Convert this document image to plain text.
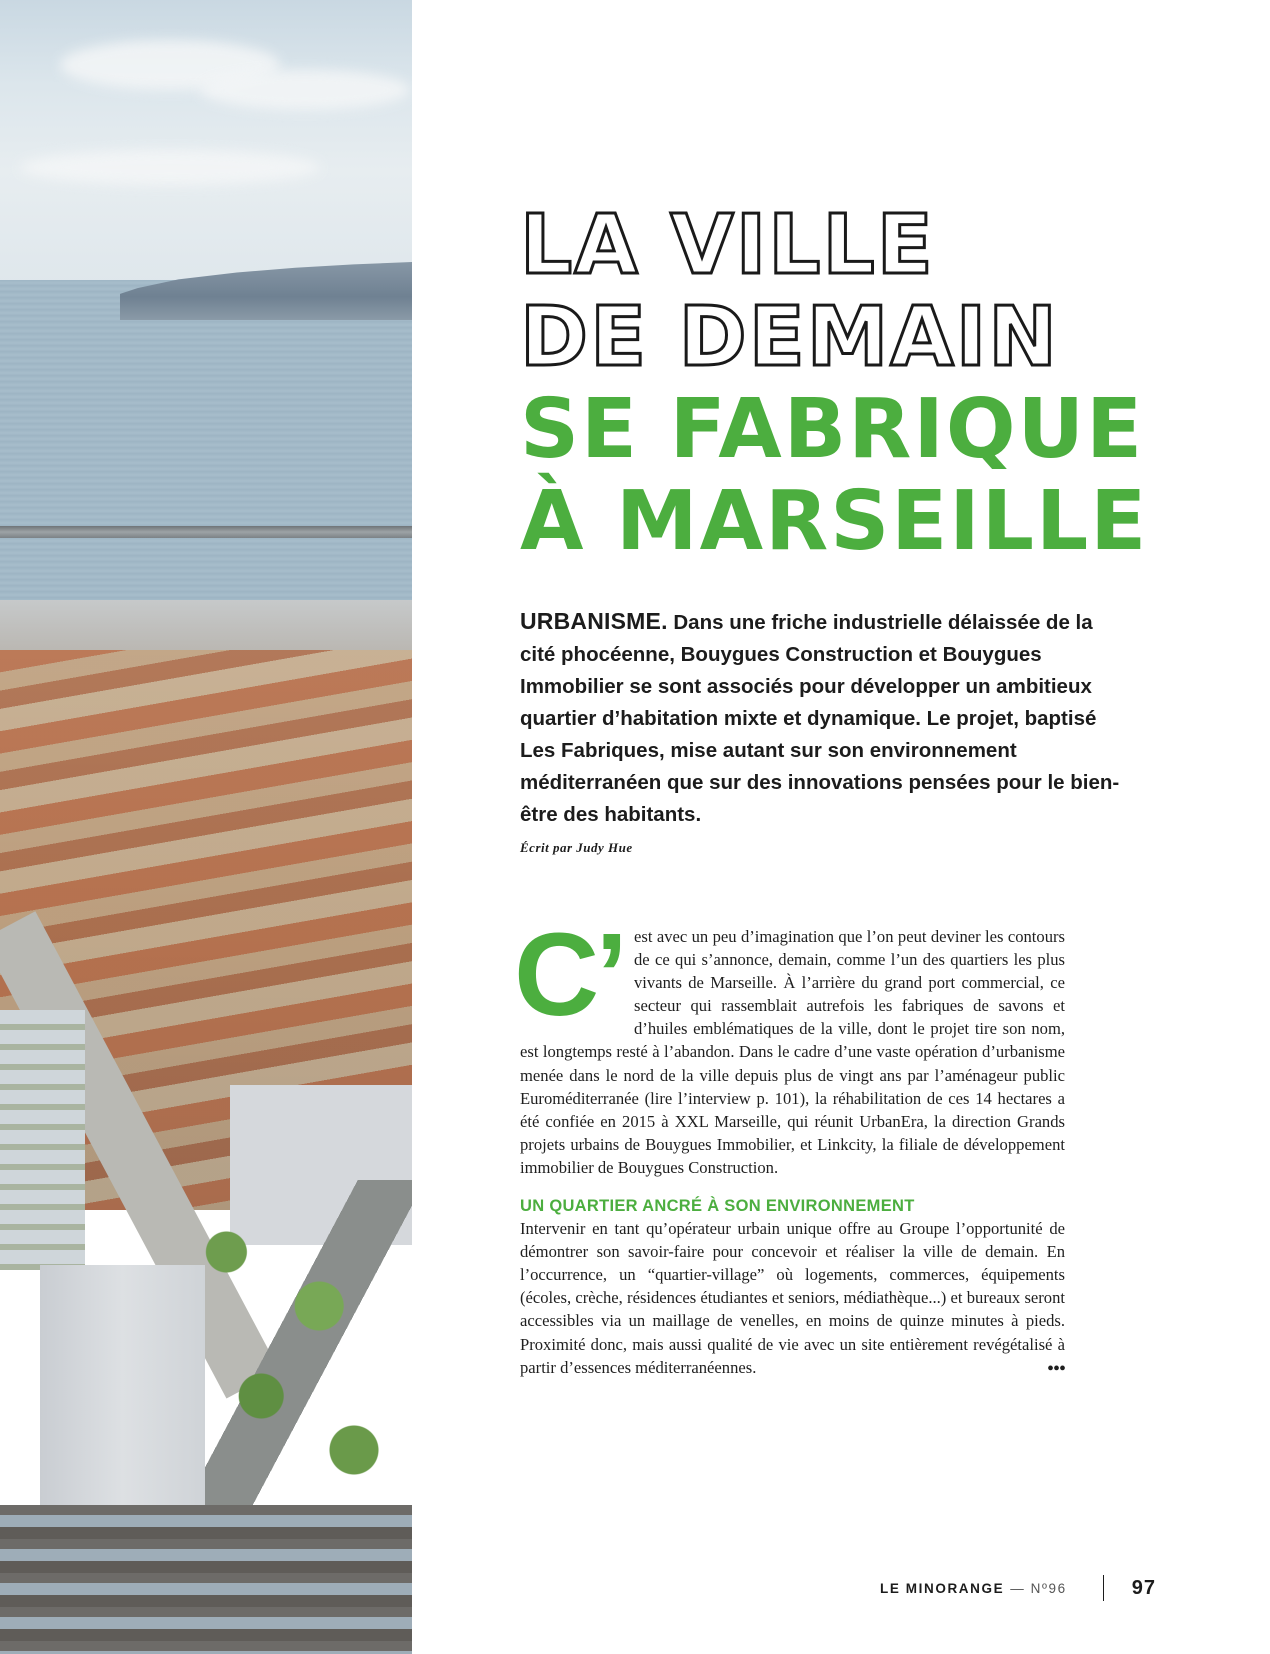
LA VILLE
DE DEMAIN
SE FABRIQUE
À MARSEILLE
URBANISME. Dans une friche industrielle délaissée de la cité phocéenne, Bouygues Construction et Bouygues Immobilier se sont associés pour développer un ambitieux quartier d’habitation mixte et dynamique. Le projet, baptisé Les Fabriques, mise autant sur son environnement méditerranéen que sur des innovations pensées pour le bien-être des habitants.
Écrit par Judy Hue
C’ est avec un peu d’imagination que l’on peut deviner les contours de ce qui s’annonce, demain, comme l’un des quartiers les plus vivants de Marseille. À l’arrière du grand port commercial, ce secteur qui rassemblait autrefois les fabriques de savons et d’huiles emblématiques de la ville, dont le projet tire son nom, est longtemps resté à l’abandon. Dans le cadre d’une vaste opération d’urbanisme menée dans le nord de la ville depuis plus de vingt ans par l’aménageur public Euroméditerranée (lire l’interview p. 101), la réhabilitation de ces 14 hectares a été confiée en 2015 à XXL Marseille, qui réunit UrbanEra, la direction Grands projets urbains de Bouygues Immobilier, et Linkcity, la filiale de développement immobilier de Bouygues Construction.

UN QUARTIER ANCRÉ À SON ENVIRONNEMENT

Intervenir en tant qu’opérateur urbain unique offre au Groupe l’opportunité de démontrer son savoir-faire pour concevoir et réaliser la ville de demain. En l’occurrence, un “quartier-village” où logements, commerces, équipements (écoles, crèche, résidences étudiantes et seniors, médiathèque...) et bureaux seront accessibles via un maillage de venelles, en moins de quinze minutes à pieds. Proximité donc, mais aussi qualité de vie avec un site entièrement revégétalisé à partir d’essences méditerranéennes.	•••
LE MINORANGE — Nº96	97
